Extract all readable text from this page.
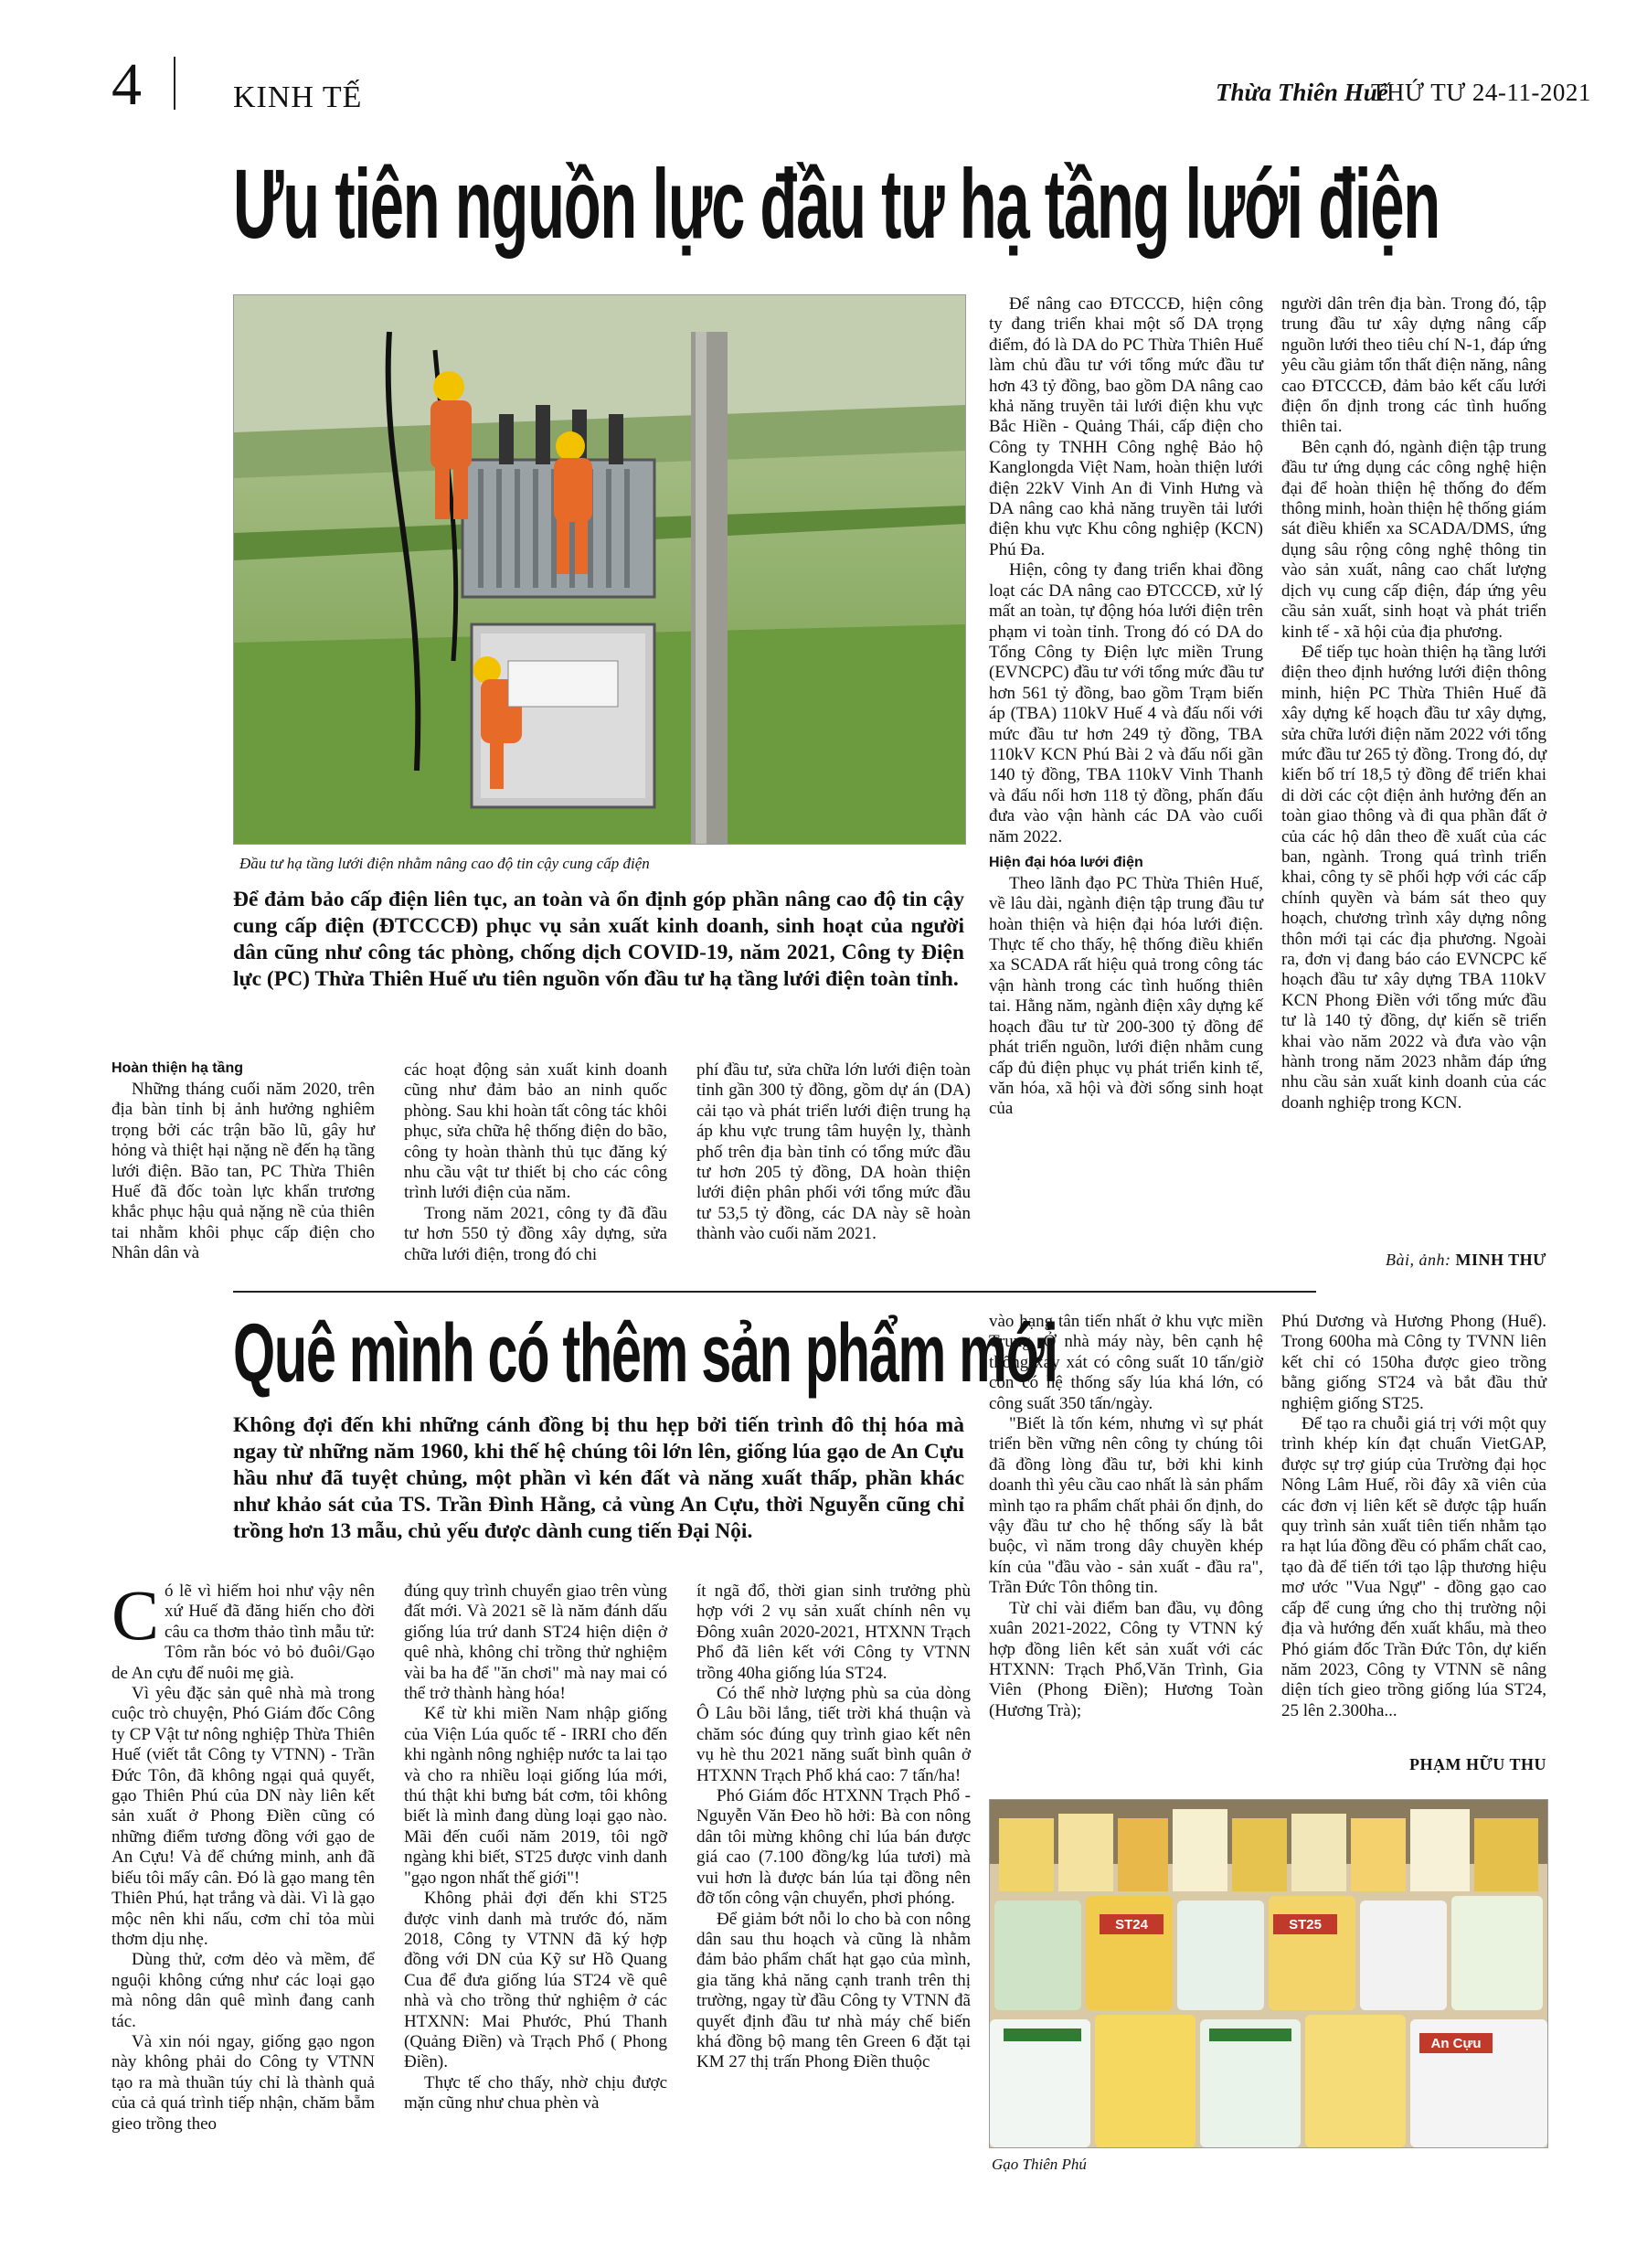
4	KINH TẾ	Thừa Thiên Huế
THỨ TƯ 24-11-2021
Ưu tiên nguồn lực đầu tư hạ tầng lưới điện
Đầu tư hạ tầng lưới điện nhằm nâng cao độ tin cậy cung cấp điện
Để đảm bảo cấp điện liên tục, an toàn và ổn định góp phần nâng cao độ tin cậy cung cấp điện (ĐTCCCĐ) phục vụ sản xuất kinh doanh, sinh hoạt của người dân cũng như công tác phòng, chống dịch COVID-19, năm 2021, Công ty Điện lực (PC) Thừa Thiên Huế ưu tiên nguồn vốn đầu tư hạ tầng lưới điện toàn tỉnh.
Hoàn thiện hạ tầng

Những tháng cuối năm 2020, trên địa bàn tỉnh bị ảnh hưởng nghiêm trọng bởi các trận bão lũ, gây hư hỏng và thiệt hại nặng nề đến hạ tầng lưới điện. Bão tan, PC Thừa Thiên Huế đã đốc toàn lực khẩn trương khắc phục hậu quả nặng nề của thiên tai nhằm khôi phục cấp điện cho Nhân dân và

các hoạt động sản xuất kinh doanh cũng như đảm bảo an ninh quốc phòng. Sau khi hoàn tất công tác khôi phục, sửa chữa hệ thống điện do bão, công ty hoàn thành thủ tục đăng ký nhu cầu vật tư thiết bị cho các công trình lưới điện của năm.

Trong năm 2021, công ty đã đầu tư hơn 550 tỷ đồng xây dựng, sửa chữa lưới điện, trong đó chi

phí đầu tư, sửa chữa lớn lưới điện toàn tỉnh gần 300 tỷ đồng, gồm dự án (DA) cải tạo và phát triển lưới điện trung hạ áp khu vực trung tâm huyện lỵ, thành phố trên địa bàn tỉnh có tổng mức đầu tư hơn 205 tỷ đồng, DA hoàn thiện lưới điện phân phối với tổng mức đầu tư 53,5 tỷ đồng, các DA này sẽ hoàn thành vào cuối năm 2021.

Để nâng cao ĐTCCCĐ, hiện công ty đang triển khai một số DA trọng điểm, đó là DA do PC Thừa Thiên Huế làm chủ đầu tư với tổng mức đầu tư hơn 43 tỷ đồng, bao gồm DA nâng cao khả năng truyền tải lưới điện khu vực Bắc Hiền - Quảng Thái, cấp điện cho Công ty TNHH Công nghệ Bảo hộ Kanglongda Việt Nam, hoàn thiện lưới điện 22kV Vinh An đi Vinh Hưng và DA nâng cao khả năng truyền tải lưới điện khu vực Khu công nghiệp (KCN) Phú Đa.

Hiện, công ty đang triển khai đồng loạt các DA nâng cao ĐTCCCĐ, xử lý mất an toàn, tự động hóa lưới điện trên phạm vi toàn tỉnh. Trong đó có DA do Tổng Công ty Điện lực miền Trung (EVNCPC) đầu tư với tổng mức đầu tư hơn 561 tỷ đồng, bao gồm Trạm biến áp (TBA) 110kV Huế 4 và đấu nối với mức đầu tư hơn 249 tỷ đồng, TBA 110kV KCN Phú Bài 2 và đấu nối gần 140 tỷ đồng, TBA 110kV Vinh Thanh và đấu nối hơn 118 tỷ đồng, phấn đấu đưa vào vận hành các DA vào cuối năm 2022.

Hiện đại hóa lưới điện

Theo lãnh đạo PC Thừa Thiên Huế, về lâu dài, ngành điện tập trung đầu tư hoàn thiện và hiện đại hóa lưới điện. Thực tế cho thấy, hệ thống điều khiển xa SCADA rất hiệu quả trong công tác vận hành trong các tình huống thiên tai. Hằng năm, ngành điện xây dựng kế hoạch đầu tư từ 200-300 tỷ đồng để phát triển nguồn, lưới điện nhằm cung cấp đủ điện phục vụ phát triển kinh tế, văn hóa, xã hội và đời sống sinh hoạt của

người dân trên địa bàn. Trong đó, tập trung đầu tư xây dựng nâng cấp nguồn lưới theo tiêu chí N-1, đáp ứng yêu cầu giảm tổn thất điện năng, nâng cao ĐTCCCĐ, đảm bảo kết cấu lưới điện ổn định trong các tình huống thiên tai.

Bên cạnh đó, ngành điện tập trung đầu tư ứng dụng các công nghệ hiện đại để hoàn thiện hệ thống đo đếm thông minh, hoàn thiện hệ thống giám sát điều khiển xa SCADA/DMS, ứng dụng sâu rộng công nghệ thông tin vào sản xuất, nâng cao chất lượng dịch vụ cung cấp điện, đáp ứng yêu cầu sản xuất, sinh hoạt và phát triển kinh tế - xã hội của địa phương.

Để tiếp tục hoàn thiện hạ tầng lưới điện theo định hướng lưới điện thông minh, hiện PC Thừa Thiên Huế đã xây dựng kế hoạch đầu tư xây dựng, sửa chữa lưới điện năm 2022 với tổng mức đầu tư 265 tỷ đồng. Trong đó, dự kiến bố trí 18,5 tỷ đồng để triển khai di dời các cột điện ảnh hưởng đến an toàn giao thông và đi qua phần đất ở của các hộ dân theo đề xuất của các ban, ngành. Trong quá trình triển khai, công ty sẽ phối hợp với các cấp chính quyền và bám sát theo quy hoạch, chương trình xây dựng nông thôn mới tại các địa phương. Ngoài ra, đơn vị đang báo cáo EVNCPC kế hoạch đầu tư xây dựng TBA 110kV KCN Phong Điền với tổng mức đầu tư là 140 tỷ đồng, dự kiến sẽ triển khai vào năm 2022 và đưa vào vận hành trong năm 2023 nhằm đáp ứng nhu cầu sản xuất kinh doanh của các doanh nghiệp trong KCN.

Bài, ảnh: MINH THƯ
Quê mình có thêm sản phẩm mới
Không đợi đến khi những cánh đồng bị thu hẹp bởi tiến trình đô thị hóa mà ngay từ những năm 1960, khi thế hệ chúng tôi lớn lên, giống lúa gạo de An Cựu hầu như đã tuyệt chủng, một phần vì kén đất và năng xuất thấp, phần khác như khảo sát của TS. Trần Đình Hằng, cả vùng An Cựu, thời Nguyễn cũng chỉ trồng hơn 13 mẫu, chủ yếu được dành cung tiến Đại Nội.

C ó lẽ vì hiếm hoi như vậy nên xứ Huế đã đăng hiến cho đời câu ca thơm thảo tình mẫu tử: Tôm rằn bóc vỏ bỏ đuôi/Gạo de An cựu để nuôi mẹ già.

Vì yêu đặc sản quê nhà mà trong cuộc trò chuyện, Phó Giám đốc Công ty CP Vật tư nông nghiệp Thừa Thiên Huế (viết tắt Công ty VTNN) - Trần Đức Tôn, đã không ngại quả quyết, gạo Thiên Phú của DN này liên kết sản xuất ở Phong Điền cũng có những điểm tương đồng với gạo de An Cựu! Và để chứng minh, anh đã biếu tôi mấy cân. Đó là gạo mang tên Thiên Phú, hạt trắng và dài. Vì là gạo mộc nên khi nấu, cơm chỉ tỏa mùi thơm dịu nhẹ.

Dùng thử, cơm dẻo và mềm, để nguội không cứng như các loại gạo mà nông dân quê mình đang canh tác.

Và xin nói ngay, giống gạo ngon này không phải do Công ty VTNN tạo ra mà thuần túy chỉ là thành quả của cả quá trình tiếp nhận, chăm bẵm gieo trồng theo

đúng quy trình chuyển giao trên vùng đất mới. Và 2021 sẽ là năm đánh dấu giống lúa trứ danh ST24 hiện diện ở quê nhà, không chỉ trồng thử nghiệm vài ba ha để "ăn chơi" mà nay mai có thể trở thành hàng hóa!

Kể từ khi miền Nam nhập giống của Viện Lúa quốc tế - IRRI cho đến khi ngành nông nghiệp nước ta lai tạo và cho ra nhiều loại giống lúa mới, thú thật khi bưng bát cơm, tôi không biết là mình đang dùng loại gạo nào. Mãi đến cuối năm 2019, tôi ngỡ ngàng khi biết, ST25 được vinh danh "gạo ngon nhất thế giới"!

Không phải đợi đến khi ST25 được vinh danh mà trước đó, năm 2018, Công ty VTNN đã ký hợp đồng với DN của Kỹ sư Hồ Quang Cua để đưa giống lúa ST24 về quê nhà và cho trồng thử nghiệm ở các HTXNN: Mai Phước, Phú Thanh (Quảng Điền) và Trạch Phổ ( Phong Điền).

Thực tế cho thấy, nhờ chịu được mặn cũng như chua phèn và

ít ngã đổ, thời gian sinh trưởng phù hợp với 2 vụ sản xuất chính nên vụ Đông xuân 2020-2021, HTXNN Trạch Phổ đã liên kết với Công ty VTNN trồng 40ha giống lúa ST24.

Có thể nhờ lượng phù sa của dòng Ô Lâu bồi lắng, tiết trời khá thuận và chăm sóc đúng quy trình giao kết nên vụ hè thu 2021 năng suất bình quân ở HTXNN Trạch Phổ khá cao: 7 tấn/ha!

Phó Giám đốc HTXNN Trạch Phổ - Nguyễn Văn Đeo hồ hởi: Bà con nông dân tôi mừng không chỉ lúa bán được giá cao (7.100 đồng/kg lúa tươi) mà vui hơn là được bán lúa tại đồng nên đỡ tốn công vận chuyển, phơi phóng.

Để giảm bớt nỗi lo cho bà con nông dân sau thu hoạch và cũng là nhằm đảm bảo phẩm chất hạt gạo của mình, gia tăng khả năng cạnh tranh trên thị trường, ngay từ đầu Công ty VTNN đã quyết định đầu tư nhà máy chế biến khá đồng bộ mang tên Green 6 đặt tại KM 27 thị trấn Phong Điền thuộc

vào hạng tân tiến nhất ở khu vực miền Trung. Ở nhà máy này, bên cạnh hệ thống xay xát có công suất 10 tấn/giờ còn có hệ thống sấy lúa khá lớn, có công suất 350 tấn/ngày.

"Biết là tốn kém, nhưng vì sự phát triển bền vững nên công ty chúng tôi đã đồng lòng đầu tư, bởi khi kinh doanh thì yêu cầu cao nhất là sản phẩm mình tạo ra phẩm chất phải ổn định, do vậy đầu tư cho hệ thống sấy là bắt buộc, vì năm trong dây chuyền khép kín của "đầu vào - sản xuất - đầu ra", Trần Đức Tôn thông tin.

Từ chỉ vài điểm ban đầu, vụ đông xuân 2021-2022, Công ty VTNN ký hợp đồng liên kết sản xuất với các HTXNN: Trạch Phổ,Văn Trình, Gia Viên (Phong Điền); Hương Toàn (Hương Trà);

Phú Dương và Hương Phong (Huế). Trong 600ha mà Công ty TVNN liên kết chỉ có 150ha được gieo trồng bằng giống ST24 và bắt đầu thử nghiệm giống ST25.

Để tạo ra chuỗi giá trị với một quy trình khép kín đạt chuẩn VietGAP, được sự trợ giúp của Trường đại học Nông Lâm Huế, rồi đây xã viên của các đơn vị liên kết sẽ được tập huấn quy trình sản xuất tiên tiến nhằm tạo ra hạt lúa đồng đều có phẩm chất cao, tạo đà để tiến tới tạo lập thương hiệu mơ ước "Vua Ngự" - đồng gạo cao cấp để cung ứng cho thị trường nội địa và hướng đến xuất khẩu, mà theo Phó giám đốc Trần Đức Tôn, dự kiến năm 2023, Công ty VTNN sẽ nâng diện tích gieo trồng giống lúa ST24, 25 lên 2.300ha...

PHẠM HỮU THU
ST24	ST25
An Cựu
Gạo Thiên Phú
